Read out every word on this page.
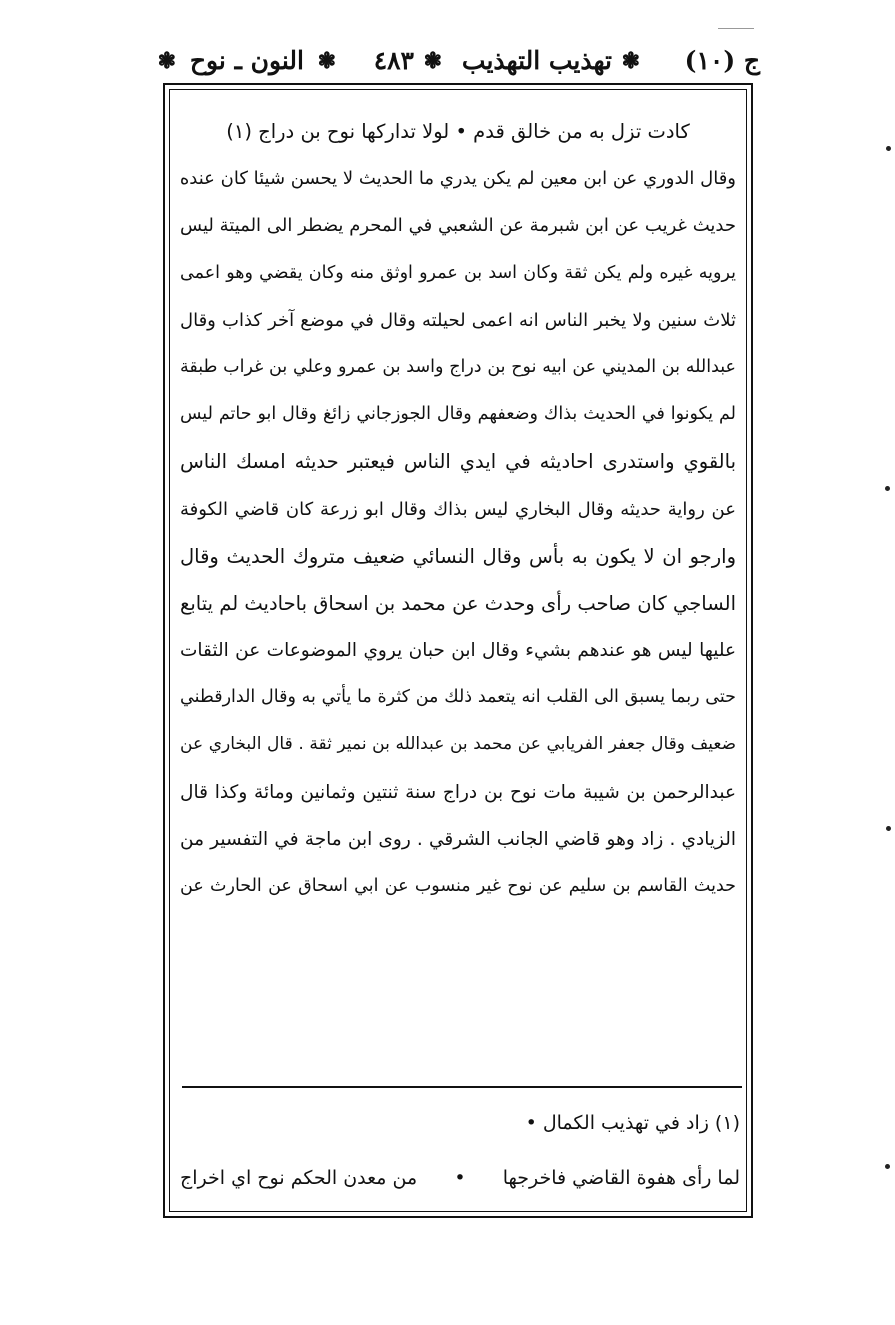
ج (١٠)
❃
تهذيب التهذيب
❃
٤٨٣
❃
النون ـ نوح
❃
كادت تزل به من خالق قدم • لولا تداركها نوح بن دراج (١)
وقال الدوري عن ابن معين لم يكن يدري ما الحديث لا يحسن شيئا كان عنده
حديث غريب عن ابن شبرمة عن الشعبي في المحرم يضطر الى الميتة ليس
يرويه غيره ولم يكن ثقة وكان اسد بن عمرو اوثق منه وكان يقضي وهو اعمى
ثلاث سنين ولا يخبر الناس انه اعمى لحيلته وقال في موضع آخر كذاب وقال
عبدالله بن المديني عن ابيه نوح بن دراج واسد بن عمرو وعلي بن غراب طبقة
لم يكونوا في الحديث بذاك وضعفهم وقال الجوزجاني زائغ وقال ابو حاتم ليس
بالقوي واستدرى احاديثه في ايدي الناس فيعتبر حديثه امسك الناس
عن رواية حديثه وقال البخاري ليس بذاك وقال ابو زرعة كان قاضي الكوفة
وارجو ان لا يكون به بأس وقال النسائي ضعيف متروك الحديث وقال
الساجي كان صاحب رأى وحدث عن محمد بن اسحاق باحاديث لم يتابع
عليها ليس هو عندهم بشيء وقال ابن حبان يروي الموضوعات عن الثقات
حتى ربما يسبق الى القلب انه يتعمد ذلك من كثرة ما يأتي به وقال الدارقطني
ضعيف وقال جعفر الفريابي عن محمد بن عبدالله بن نمير ثقة . قال البخاري عن
عبدالرحمن بن شيبة مات نوح بن دراج سنة ثنتين وثمانين ومائة وكذا قال
الزيادي . زاد وهو قاضي الجانب الشرقي . روى ابن ماجة في التفسير من
حديث القاسم بن سليم عن نوح غير منسوب عن ابي اسحاق عن الحارث عن
(١) زاد في تهذيب الكمال •
لما رأى هفوة القاضي فاخرجها
•
من معدن الحكم نوح اي اخراج
